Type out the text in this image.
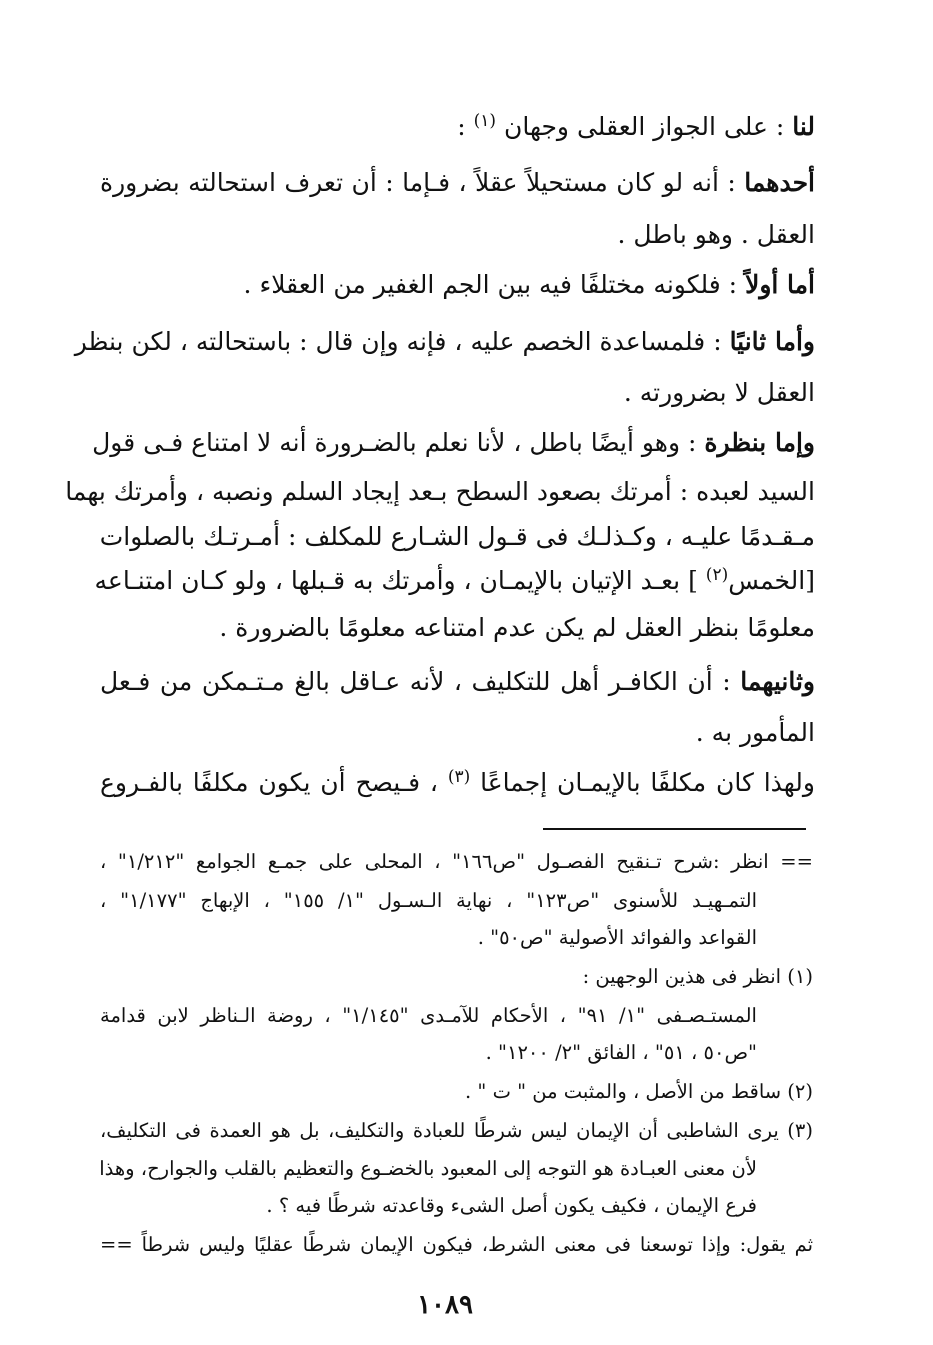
لنا : على الجواز العقلى وجهان $^{(١)}$ :
أحدهما : أنه لو كان مستحيلاً عقلاً ، فـإما : أن تعرف استحالته بضرورة
العقل . وهو باطل .
أما أولاً : فلكونه مختلفًا فيه بين الجم الغفير من العقلاء .
وأما ثانيًا : فلمساعدة الخصم عليه ، فإنه وإن قال : باستحالته ، لكن بنظر
العقل لا بضرورته .
وإما بنظرة : وهو أيضًا باطل ، لأنا نعلم بالضـرورة أنه لا امتناع فـى قول
السيد لعبده : أمرتك بصعود السطح بـعد إيجاد السلم ونصبه ، وأمرتك بهما
مـقـدمًا عليـه ، وكـذلـك فى قـول الشـارع للمكلف : أمـرتـك بالصلوات
[الخمس$^{(٢)}$ ] بعـد الإتيان بالإيمـان ، وأمرتك به قـبلها ، ولو كـان امتنـاعه
معلومًا بنظر العقل لم يكن عدم امتناعه معلومًا بالضرورة .
وثانيهما : أن الكافـر أهل للتكليف ، لأنه عـاقل بالغ مـتـمكن من فـعل
المأمور به .
ولهذا كان مكلفًا بالإيمـان إجماعًا $^{(٣)}$ ، فـيصح أن يكون مكلفًا بالفـروع
== انظر :شرح تـنقيح الفصـول "ص١٦٦" ، المحلى على جمـع الجوامع "١/٢١٢" ،
التمـهيـد للأسنوى "ص١٢٣" ، نهاية الـسـول "١/ ١٥٥" ، الإبهاج "١/١٧٧" ،
القواعد والفوائد الأصولية "ص٥٠" .
(١) انظر فى هذين الوجهين :
المستـصـفى "١/ ٩١" ، الأحكام للآمـدى "١/١٤٥" ، روضة الـناظر لابن قدامة
"ص٥٠ ، ٥١" ، الفائق "٢/ ١٢٠٠" .
(٢) ساقط من الأصل ، والمثبت من " ت " .
(٣) يرى الشاطبى أن الإيمان ليس شرطًا للعبادة والتكليف، بل هو العمدة فى التكليف،
لأن معنى العبـادة هو التوجه إلى المعبود بالخضـوع والتعظيم بالقلب والجوارح، وهذا
فرع الإيمان ، فكيف يكون أصل الشىء وقاعدته شرطًا فيه ؟ .
ثم يقول: وإذا توسعنا فى معنى الشرط، فيكون الإيمان شرطًا عقليًا وليس شرطاً ==
١٠٨٩
